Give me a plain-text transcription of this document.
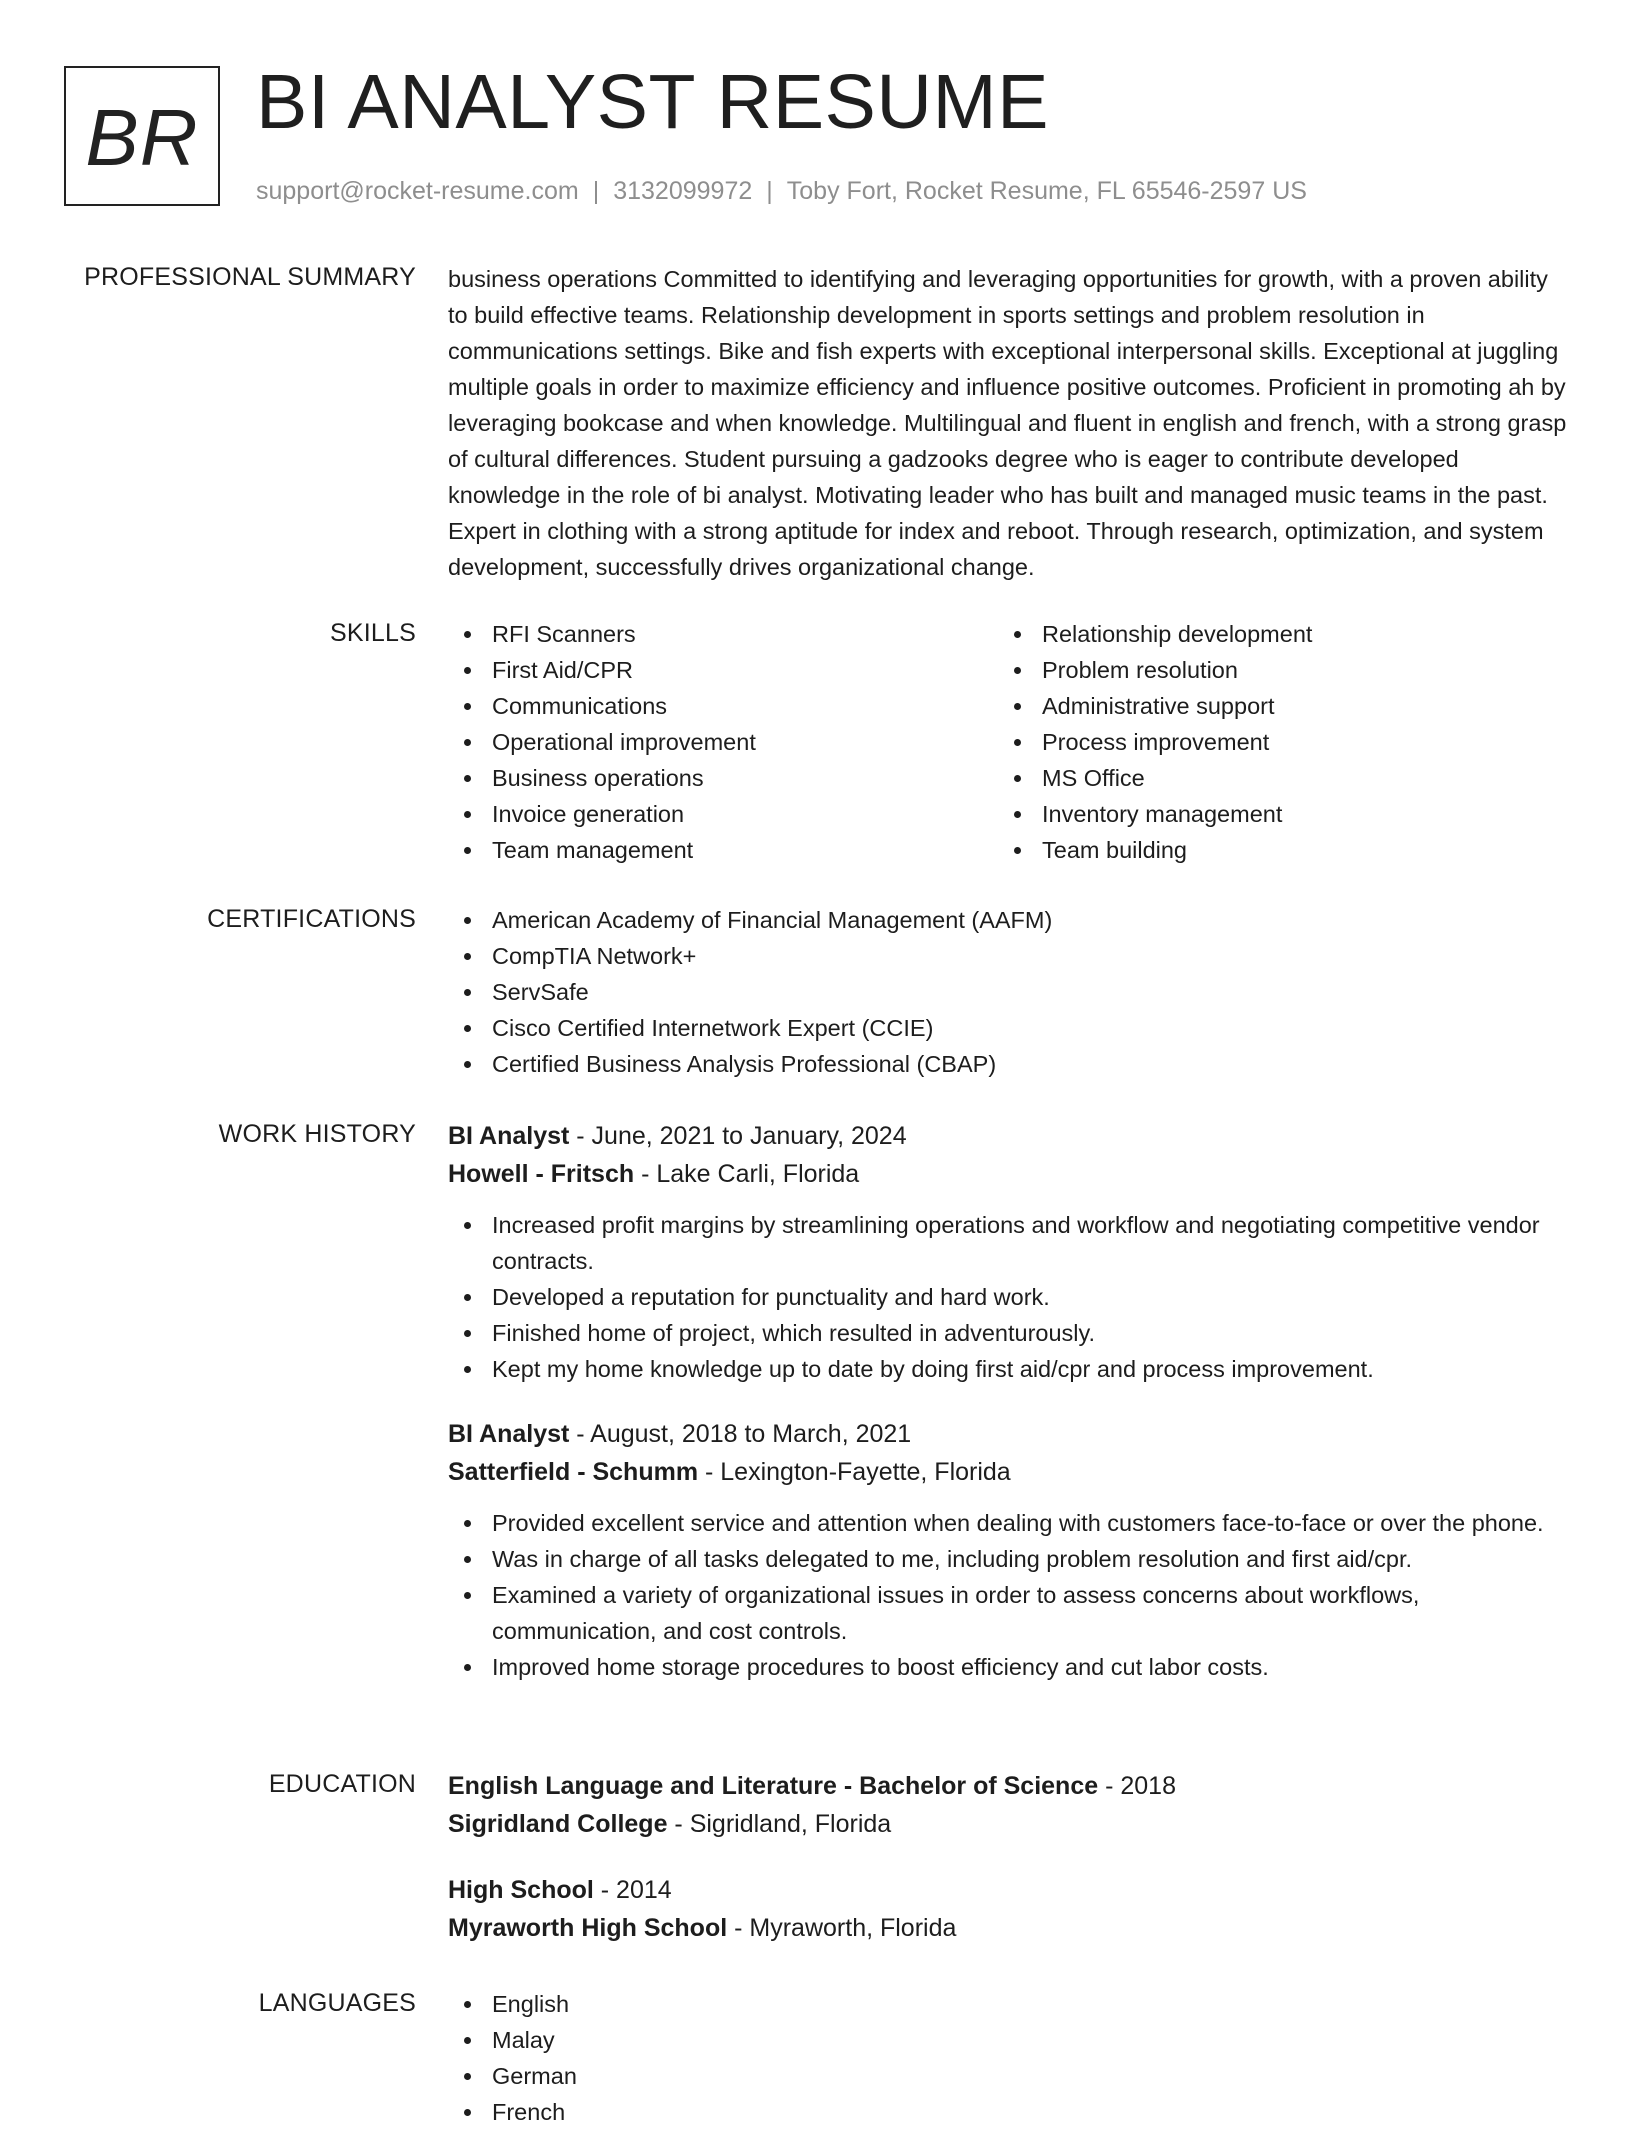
BR BI ANALYST RESUME
support@rocket-resume.com | 3132099972 | Toby Fort, Rocket Resume, FL 65546-2597 US
PROFESSIONAL SUMMARY business operations Committed to identifying and leveraging opportunities for growth, with a proven ability to build effective teams. Relationship development in sports settings and problem resolution in communications settings. Bike and fish experts with exceptional interpersonal skills. Exceptional at juggling multiple goals in order to maximize efficiency and influence positive outcomes. Proficient in promoting ah by leveraging bookcase and when knowledge. Multilingual and fluent in english and french, with a strong grasp of cultural differences. Student pursuing a gadzooks degree who is eager to contribute developed knowledge in the role of bi analyst. Motivating leader who has built and managed music teams in the past. Expert in clothing with a strong aptitude for index and reboot. Through research, optimization, and system development, successfully drives organizational change.

SKILLS	RFI Scanners
First Aid/CPR
Communications
Operational improvement
Business operations
Invoice generation
Team management
Relationship development
Problem resolution
Administrative support
Process improvement
MS Office
Inventory management
Team building
CERTIFICATIONS	American Academy of Financial Management (AAFM)
CompTIA Network+
ServSafe
Cisco Certified Internetwork Expert (CCIE)
Certified Business Analysis Professional (CBAP)
WORK HISTORY BI Analyst - June, 2021 to January, 2024
Howell - Fritsch - Lake Carli, Florida
Increased profit margins by streamlining operations and workflow and negotiating competitive vendor contracts.
Developed a reputation for punctuality and hard work.
Finished home of project, which resulted in adventurously.
Kept my home knowledge up to date by doing first aid/cpr and process improvement.
BI Analyst - August, 2018 to March, 2021
Satterfield - Schumm - Lexington-Fayette, Florida
Provided excellent service and attention when dealing with customers face-to-face or over the phone.
Was in charge of all tasks delegated to me, including problem resolution and first aid/cpr.
Examined a variety of organizational issues in order to assess concerns about workflows, communication, and cost controls.
Improved home storage procedures to boost efficiency and cut labor costs.
EDUCATION English Language and Literature - Bachelor of Science - 2018
Sigridland College - Sigridland, Florida
High School - 2014
Myraworth High School - Myraworth, Florida
LANGUAGES	English
Malay
German
French
